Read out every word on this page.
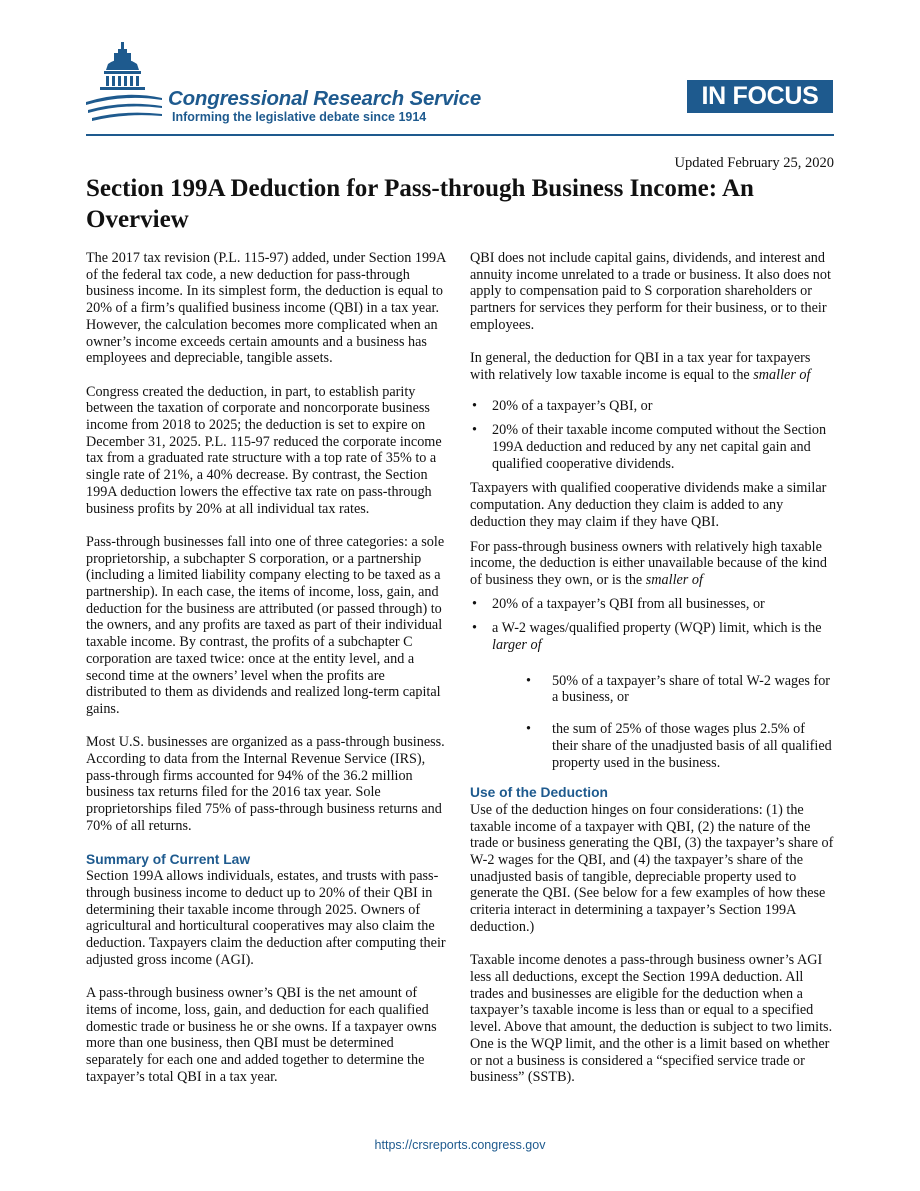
Congressional Research Service
Informing the legislative debate since 1914
IN FOCUS
Updated February 25, 2020
Section 199A Deduction for Pass-through Business Income: An Overview

The 2017 tax revision (P.L. 115-97) added, under Section 199A of the federal tax code, a new deduction for pass-through business income. In its simplest form, the deduction is equal to 20% of a firm’s qualified business income (QBI) in a tax year. However, the calculation becomes more complicated when an owner’s income exceeds certain amounts and a business has employees and depreciable, tangible assets.

Congress created the deduction, in part, to establish parity between the taxation of corporate and noncorporate business income from 2018 to 2025; the deduction is set to expire on December 31, 2025. P.L. 115-97 reduced the corporate income tax from a graduated rate structure with a top rate of 35% to a single rate of 21%, a 40% decrease. By contrast, the Section 199A deduction lowers the effective tax rate on pass-through business profits by 20% at all individual tax rates.

Pass-through businesses fall into one of three categories: a sole proprietorship, a subchapter S corporation, or a partnership (including a limited liability company electing to be taxed as a partnership). In each case, the items of income, loss, gain, and deduction for the business are attributed (or passed through) to the owners, and any profits are taxed as part of their individual taxable income. By contrast, the profits of a subchapter C corporation are taxed twice: once at the entity level, and a second time at the owners’ level when the profits are distributed to them as dividends and realized long-term capital gains.

Most U.S. businesses are organized as a pass-through business. According to data from the Internal Revenue Service (IRS), pass-through firms accounted for 94% of the 36.2 million business tax returns filed for the 2016 tax year. Sole proprietorships filed 75% of pass-through business returns and 70% of all returns.

Summary of Current Law

Section 199A allows individuals, estates, and trusts with pass-through business income to deduct up to 20% of their QBI in determining their taxable income through 2025. Owners of agricultural and horticultural cooperatives may also claim the deduction. Taxpayers claim the deduction after computing their adjusted gross income (AGI).

A pass-through business owner’s QBI is the net amount of items of income, loss, gain, and deduction for each qualified domestic trade or business he or she owns. If a taxpayer owns more than one business, then QBI must be determined separately for each one and added together to determine the taxpayer’s total QBI in a tax year.

QBI does not include capital gains, dividends, and interest and annuity income unrelated to a trade or business. It also does not apply to compensation paid to S corporation shareholders or partners for services they perform for their business, or to their employees.

In general, the deduction for QBI in a tax year for taxpayers with relatively low taxable income is equal to the smaller of

• 20% of a taxpayer’s QBI, or
• 20% of their taxable income computed without the Section 199A deduction and reduced by any net capital gain and qualified cooperative dividends.

Taxpayers with qualified cooperative dividends make a similar computation. Any deduction they claim is added to any deduction they may claim if they have QBI.

For pass-through business owners with relatively high taxable income, the deduction is either unavailable because of the kind of business they own, or is the smaller of

• 20% of a taxpayer’s QBI from all businesses, or
• a W-2 wages/qualified property (WQP) limit, which is the larger of
• 50% of a taxpayer’s share of total W-2 wages for a business, or
• the sum of 25% of those wages plus 2.5% of their share of the unadjusted basis of all qualified property used in the business.
Use of the Deduction

Use of the deduction hinges on four considerations: (1) the taxable income of a taxpayer with QBI, (2) the nature of the trade or business generating the QBI, (3) the taxpayer’s share of W-2 wages for the QBI, and (4) the taxpayer’s share of the unadjusted basis of tangible, depreciable property used to generate the QBI. (See below for a few examples of how these criteria interact in determining a taxpayer’s Section 199A deduction.)

Taxable income denotes a pass-through business owner’s AGI less all deductions, except the Section 199A deduction. All trades and businesses are eligible for the deduction when a taxpayer’s taxable income is less than or equal to a specified level. Above that amount, the deduction is subject to two limits. One is the WQP limit, and the other is a limit based on whether or not a business is considered a “specified service trade or business” (SSTB).

https://crsreports.congress.gov
